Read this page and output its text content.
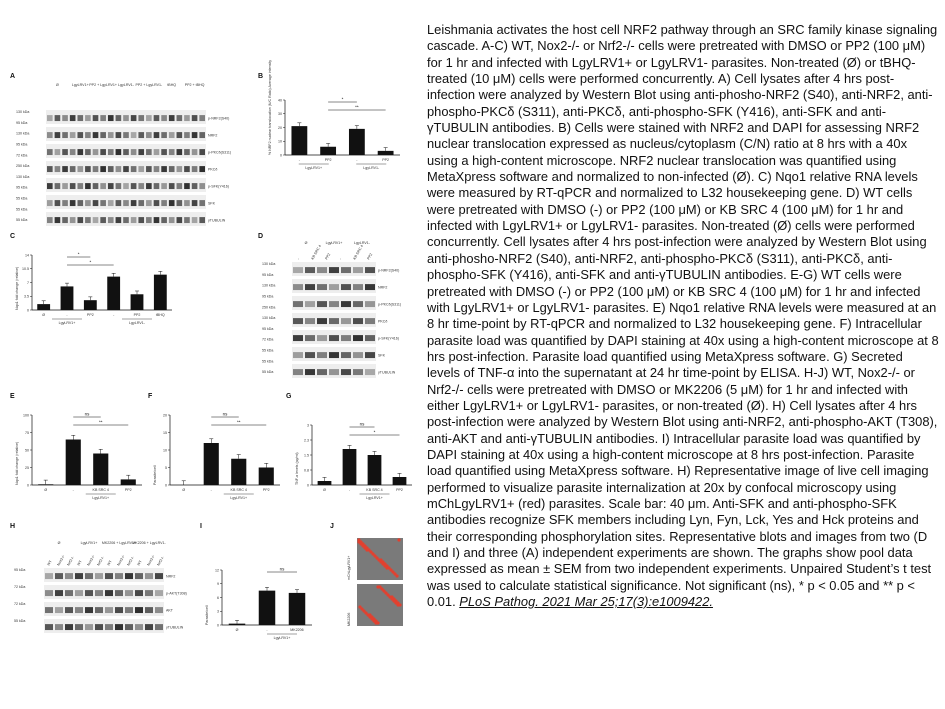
A	B
C	D
E	F	G
H	I	J
Ø	LgyLRV1+ PP2 + LgyLRV1+ LgyLRV1- PP2 + LgyLRV1- tBHQ PP2 + tBHQ
p-NRF2(S40)
NRF2
p-PKCδ(S311)
PKCδ
p-SFK(Y416)
SFK
γTUBULIN
130 kDa
95 kDa
130 kDa
95 kDa
72 kDa
250 kDa
130 kDa
95 kDa
55 kDa
55 kDa
55 kDa
Ø	LgyLRV1+	LgyLRV1-
-	KB SRC 4 PP2 -	KB SRC 4 PP2
p-NRF2(S40)
NRF2
p-PKCδ(S311)
PKCδ
p-SFK(Y416)
SFK
γTUBULIN
130 kDa
95 kDa
130 kDa
95 kDa
250 kDa
130 kDa
95 kDa
72 kDa
55 kDa
55 kDa
55 kDa
Ø	LgyLRV1+ MK2206 + LgyLRV1+
MK2206 + LgyLRV1-
WT Nox2-/- Nrf2-/- WT Nox2-/- Nrf2-/- WT Nox2-/- Nrf2-/- WT Nox2-/- Nrf2-/-
NRF2
p-AKT(T308)
AKT
γTUBULIN
95 kDa
72 kDa
72 kDa
55 kDa
0
10
20
30
40
% NRF2 nuclear translocation (N/C Ratio) Average intensity
-	PP2	-	PP2
LgyLRV1+	LgyLRV1-
*
**
0
3.5
7
10.5
14
Nqo1 fold change (relative)
Ø	-	PP2	-	PP2	tBHQ
LgyLRV1+	LgyLRV1-
*
*
0
25
50
75
100
Nqo1 fold change (relative)
Ø	-	KB SRC 4	PP2
LgyLRV1+
ns
**
0
5
10
15
20
Parasite/cell
Ø	-	KB SRC 4	PP2
LgyLRV1+
ns
**
0
0.8
1.5
2.3
3
TNF-α levels (pg/ml)
Ø	-	KB SRC 4	PP2
LgyLRV1+
ns
*
0
3
6
9
12
Parasite/cell
Ø	-	MK2206
LgyLRV1+
ns	mChLgyLRV1+
MK2206

Leishmania activates the host cell NRF2 pathway through an SRC family kinase signaling cascade. A-C) WT, Nox2-/- or Nrf2-/- cells were pretreated with DMSO or PP2 (100 μM) for 1 hr and infected with LgyLRV1+ or LgyLRV1- parasites. Non-treated (Ø) or tBHQ-treated (10 μM) cells were performed concurrently. A) Cell lysates after 4 hrs post-infection were analyzed by Western Blot using anti-phosho-NRF2 (S40), anti-NRF2, anti-phospho-PKCδ (S311), anti-PKCδ, anti-phospho-SFK (Y416), anti-SFK and anti-γTUBULIN antibodies. B) Cells were stained with NRF2 and DAPI for assessing NRF2 nuclear translocation expressed as nucleus/cytoplasm (C/N) ratio at 8 hrs with a 40x using a high-content microscope. NRF2 nuclear translocation was quantified using MetaXpress software and normalized to non-infected (Ø). C) Nqo1 relative RNA levels were measured by RT-qPCR and normalized to L32 housekeeping gene. D) WT cells were pretreated with DMSO (-) or PP2 (100 μM) or KB SRC 4 (100 μM) for 1 hr and infected with LgyLRV1+ or LgyLRV1- parasites. Non-treated (Ø) cells were performed concurrently. Cell lysates after 4 hrs post-infection were analyzed by Western Blot using anti-phosho-NRF2 (S40), anti-NRF2, anti-phospho-PKCδ (S311), anti-PKCδ, anti-phospho-SFK (Y416), anti-SFK and anti-γTUBULIN antibodies. E-G) WT cells were pretreated with DMSO (-) or PP2 (100 μM) or KB SRC 4 (100 μM) for 1 hr and infected with LgyLRV1+ or LgyLRV1- parasites. E) Nqo1 relative RNA levels were measured at an 8 hr time-point by RT-qPCR and normalized to L32 housekeeping gene. F) Intracellular parasite load was quantified by DAPI staining at 40x using a high-content microscope at 8 hrs post-infection. Parasite load quantified using MetaXpress software. G) Secreted levels of TNF-α into the supernatant at 24 hr time-point by ELISA. H-J) WT, Nox2-/- or Nrf2-/- cells were pretreated with DMSO or MK2206 (5 μM) for 1 hr and infected with either LgyLRV1+ or LgyLRV1- parasites, or non-treated (Ø). H) Cell lysates after 4 hrs post-infection were analyzed by Western Blot using anti-NRF2, anti-phospho-AKT (T308), anti-AKT and anti-γTUBULIN antibodies. I) Intracellular parasite load was quantified by DAPI staining at 40x using a high-content microscope at 8 hrs post-infection. Parasite load quantified using MetaXpress software. H) Representative image of live cell imaging performed to visualize parasite internalization at 20x by confocal microscopy using mChLgyLRV1+ (red) parasites. Scale bar: 40 μm. Anti-SFK and anti-phospho-SFK antibodies recognize SFK members including Lyn, Fyn, Lck, Yes and Hck proteins and their corresponding phosphorylation sites. Representative blots and images from two (D and I) and three (A) independent experiments are shown. The graphs show pool data expressed as mean ± SEM from two independent experiments. Unpaired Student’s t test was used to calculate statistical significance. Not significant (ns), * p < 0.05 and ** p < 0.01. PLoS Pathog. 2021 Mar 25;17(3):e1009422.
